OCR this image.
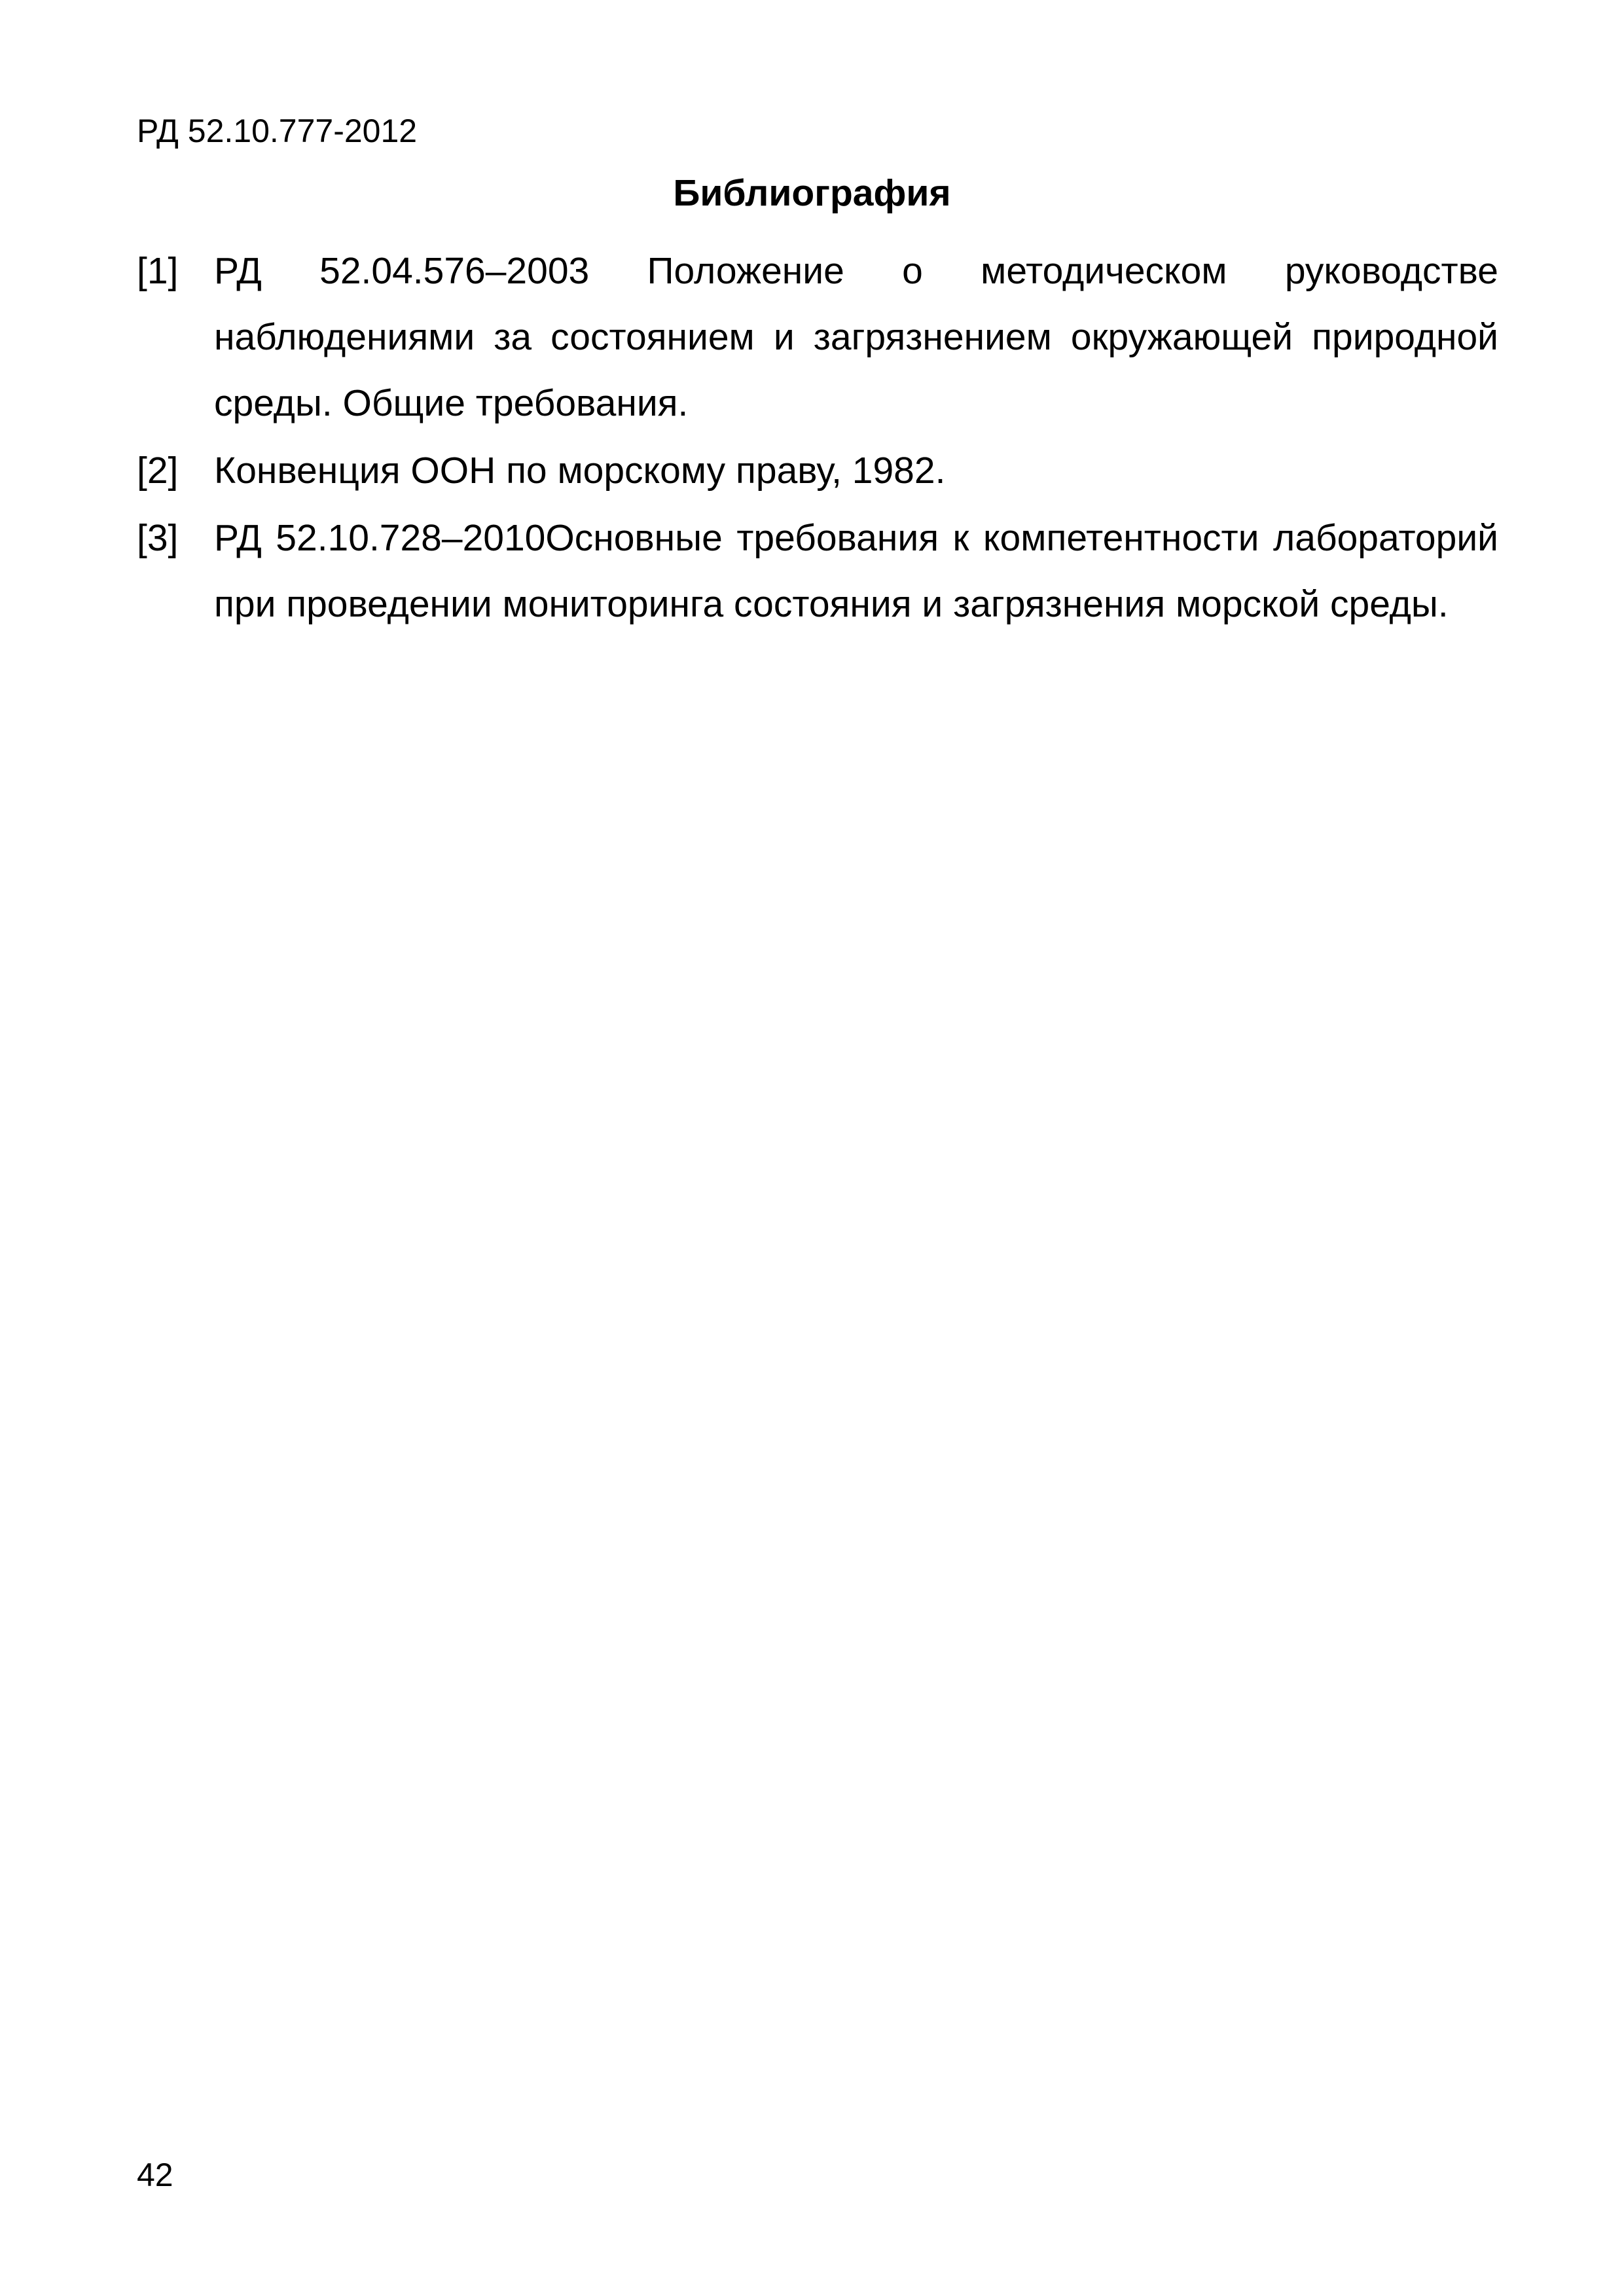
РД 52.10.777-2012
Библиография
[1] РД 52.04.576–2003 Положение о методическом руководстве наблюдениями за состоянием и загрязнением окружающей природной среды. Общие требования.

[2] Конвенция ООН по морскому праву, 1982.

[3] РД 52.10.728–2010Основные требования к компетентности лабораторий при проведении мониторинга состояния и загрязнения морской среды.

42
